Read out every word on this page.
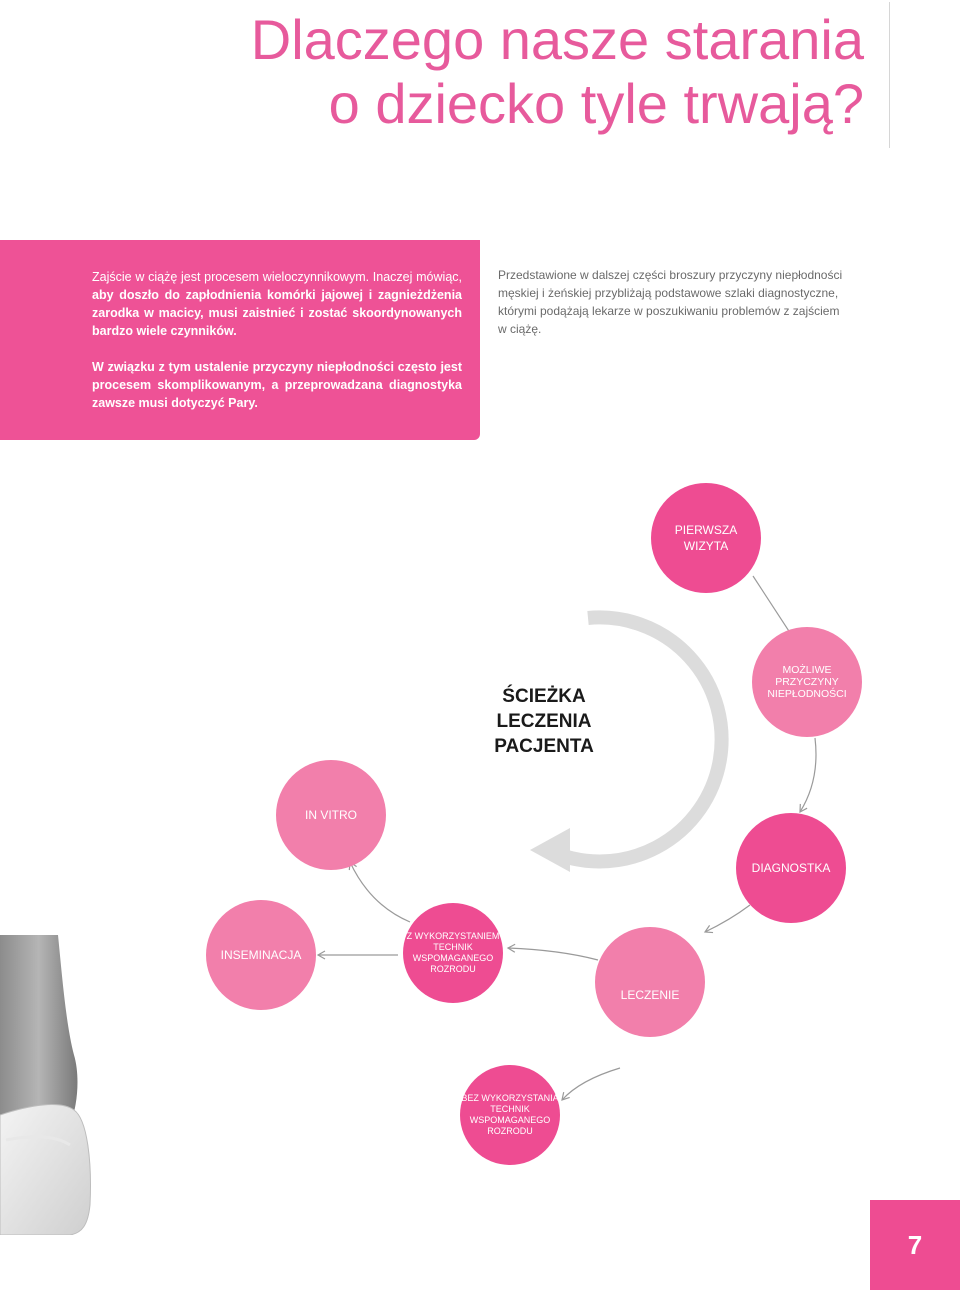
Dlaczego nasze starania
o dziecko tyle trwają?

Zajście w ciążę jest procesem wieloczynnikowym. Inaczej mówiąc, aby doszło do zapłodnienia komórki jajowej i zagnieżdżenia zarodka w macicy, musi zaistnieć i zostać skoordynowanych bardzo wiele czynników.

W związku z tym ustalenie przyczyny niepłodności często jest procesem skomplikowanym, a przeprowadzana diagnostyka zawsze musi dotyczyć Pary.

Przedstawione w dalszej części broszury przyczyny niepłodności
męskiej i żeńskiej przybliżają podstawowe szlaki diagnostyczne,
którymi podążają lekarze w poszukiwaniu problemów z zajściem
w ciążę.

ŚCIEŻKA
LECZENIA
PACJENTA
PIERWSZA
WIZYTA
MOŻLIWE
PRZYCZYNY
NIEPŁODNOŚCI
DIAGNOSTKA
LECZENIE
BEZ WYKORZYSTANIA
TECHNIK
WSPOMAGANEGO
ROZRODU
Z WYKORZYSTANIEM
TECHNIK
WSPOMAGANEGO
ROZRODU
INSEMINACJA
IN VITRO
7
